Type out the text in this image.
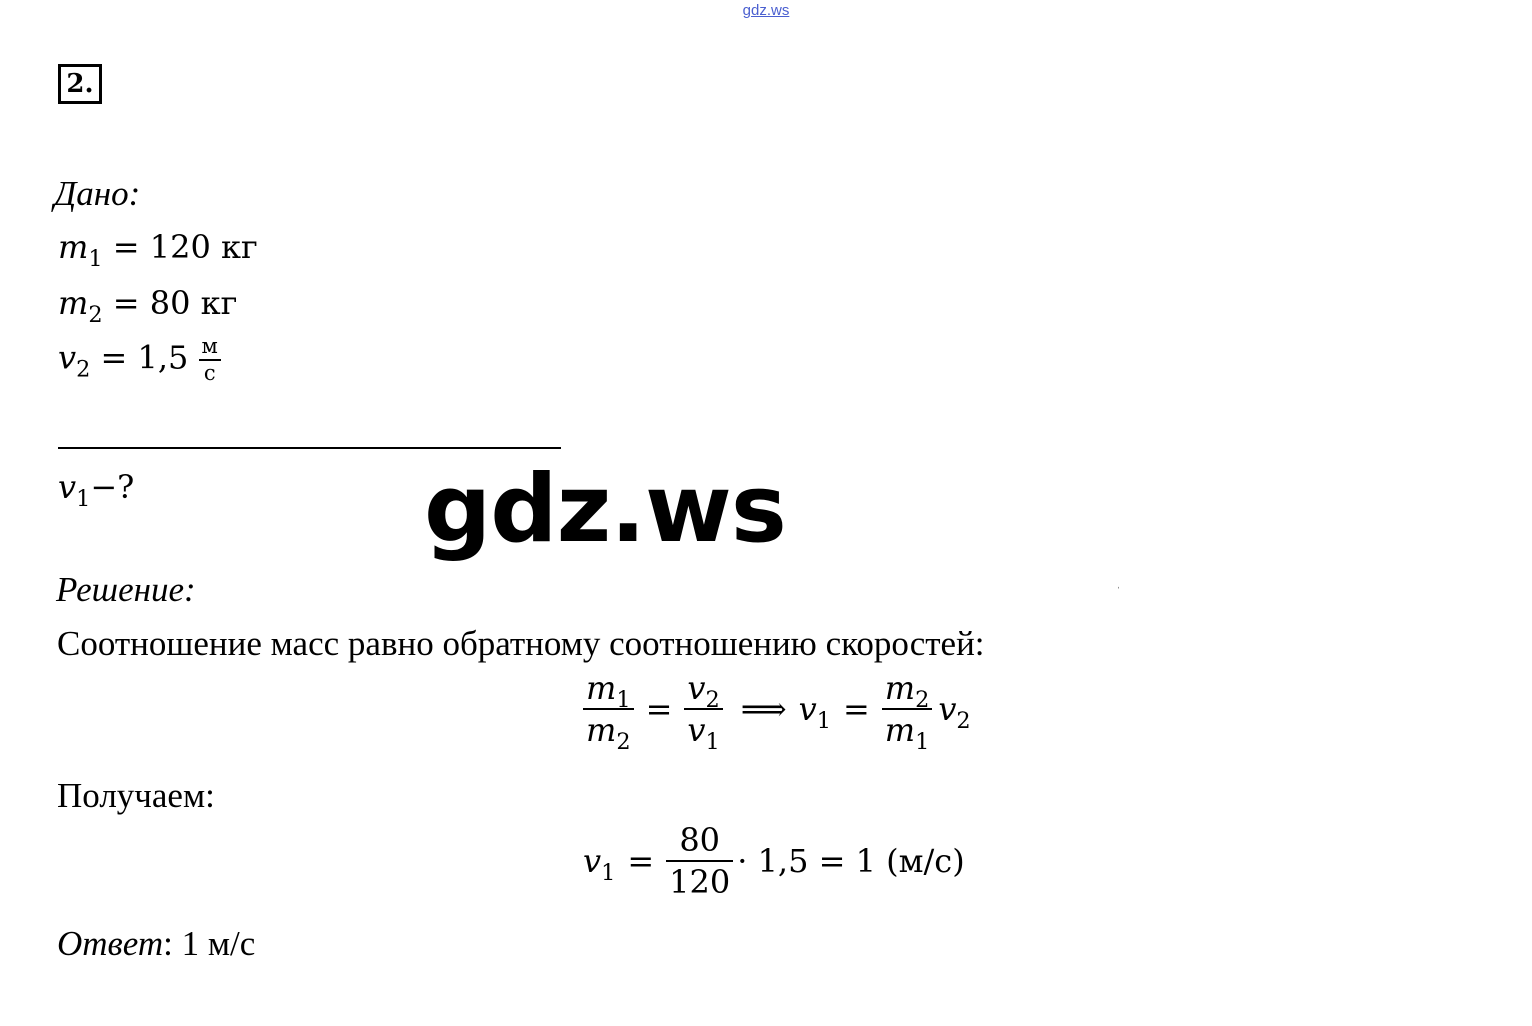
gdz.ws
2.
Дано:
$m_1 = 120$ кг
$m_2 = 80$ кг
$v_2 = 1,5 \frac{м}{с}$
$v_1-$?	gdz.ws
Решение:
Соотношение масс равно обратному соотношению скоростей:
$\frac{m_1}{m_2} = \frac{v_2}{v_1}$ ⟹ $v_1 = \frac{m_2}{m_1} v_2$
Получаем:
$v_1 = \frac{80}{120} \cdot 1,5 = 1$ (м/с)
Ответ: 1 м/с
ˌ
